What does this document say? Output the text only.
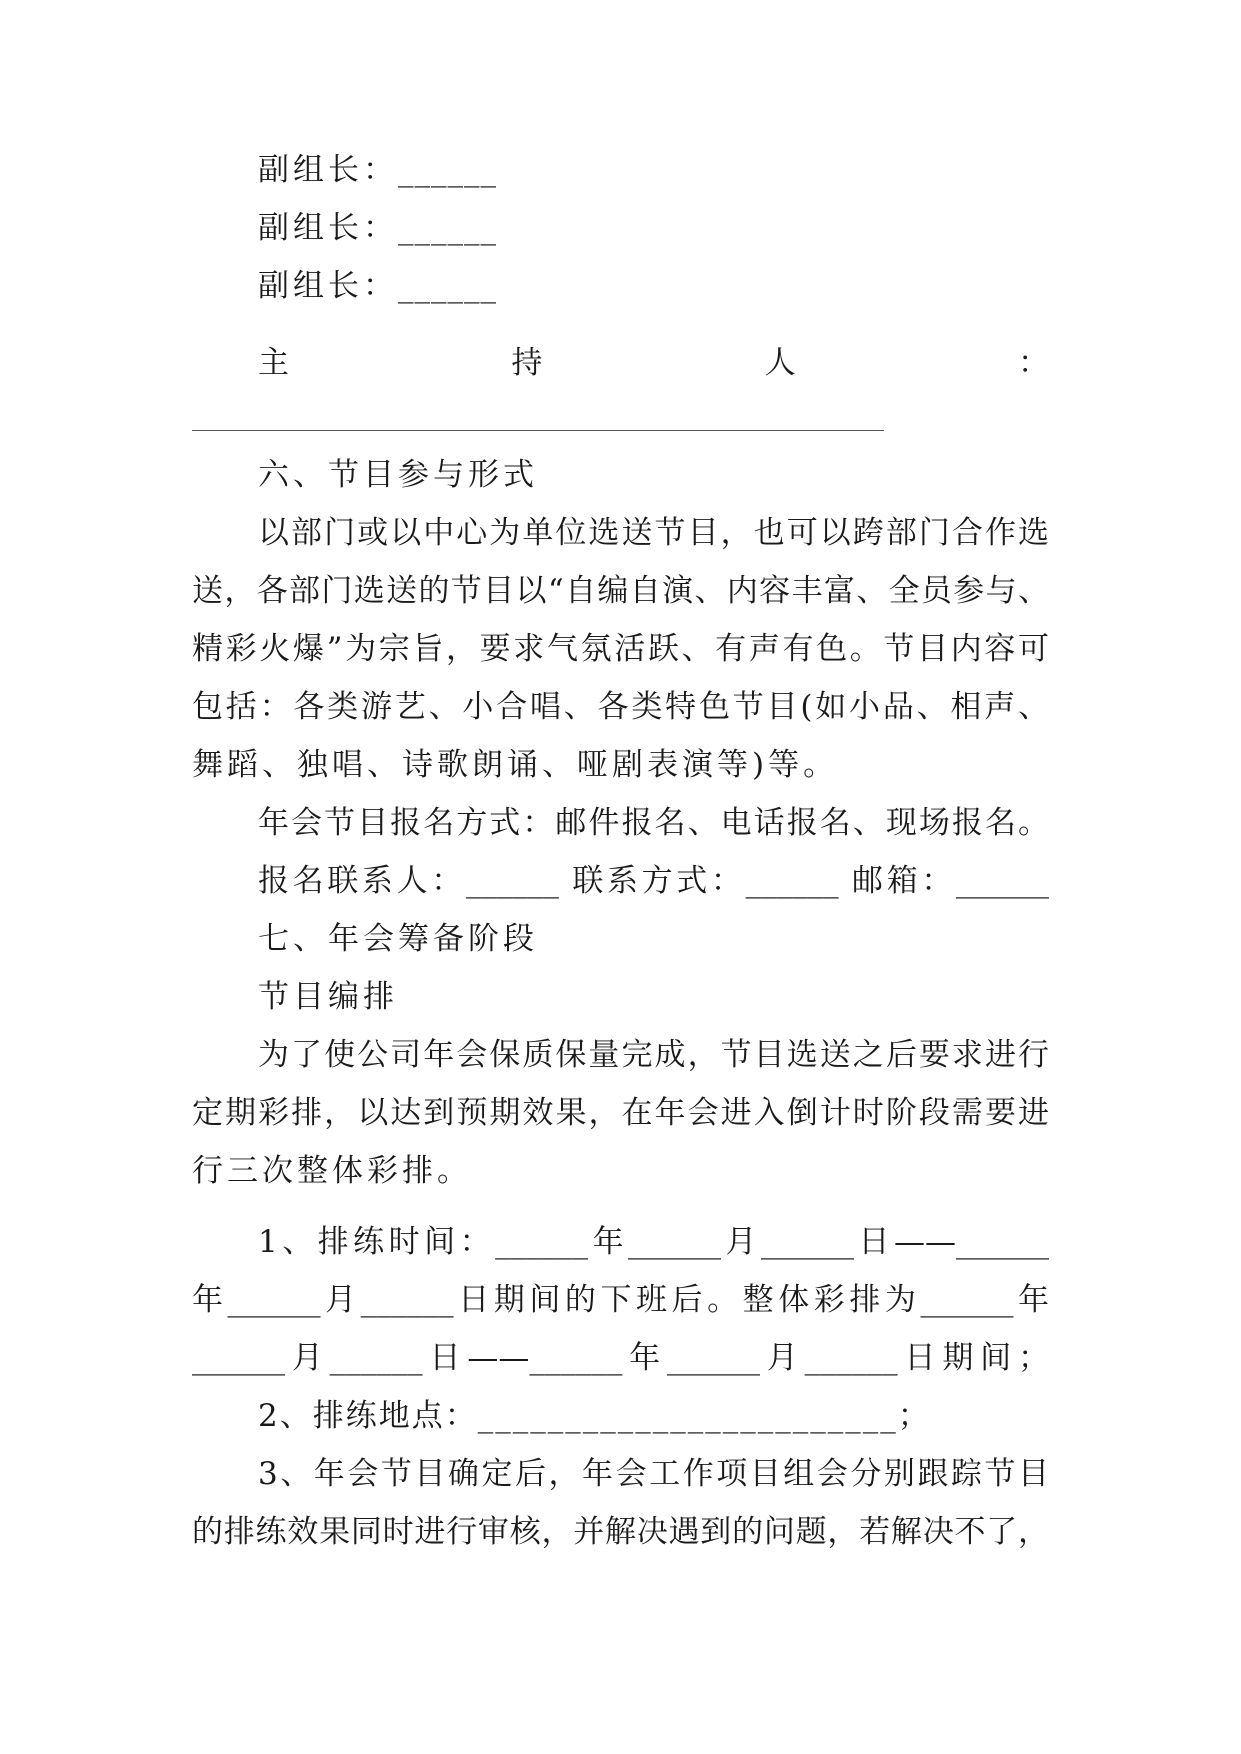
副组长：______
副组长：______
副组长：______
主	持	人	：
六、节目参与形式
以部门或以中心为单位选送节目，也可以跨部门合作选
送，各部门选送的节目以“自编自演、内容丰富、全员参与、
精彩火爆”为宗旨，要求气氛活跃、有声有色。节目内容可
包括：各类游艺、小合唱、各类特色节目(如小品、相声、
舞蹈、独唱、诗歌朗诵、哑剧表演等)等。
年会节目报名方式：邮件报名、电话报名、现场报名。
报名联系人：______ 联系方式：______ 邮箱：______
七、年会筹备阶段
节目编排
为了使公司年会保质保量完成，节目选送之后要求进行
定期彩排，以达到预期效果，在年会进入倒计时阶段需要进
行三次整体彩排。
1、排练时间：______年______月______日——______
年______月______日期间的下班后。整体彩排为______年
______月______日——______年______月______日期间；
2、排练地点：________________________；
3、年会节目确定后，年会工作项目组会分别跟踪节目
的排练效果同时进行审核，并解决遇到的问题，若解决不了，
